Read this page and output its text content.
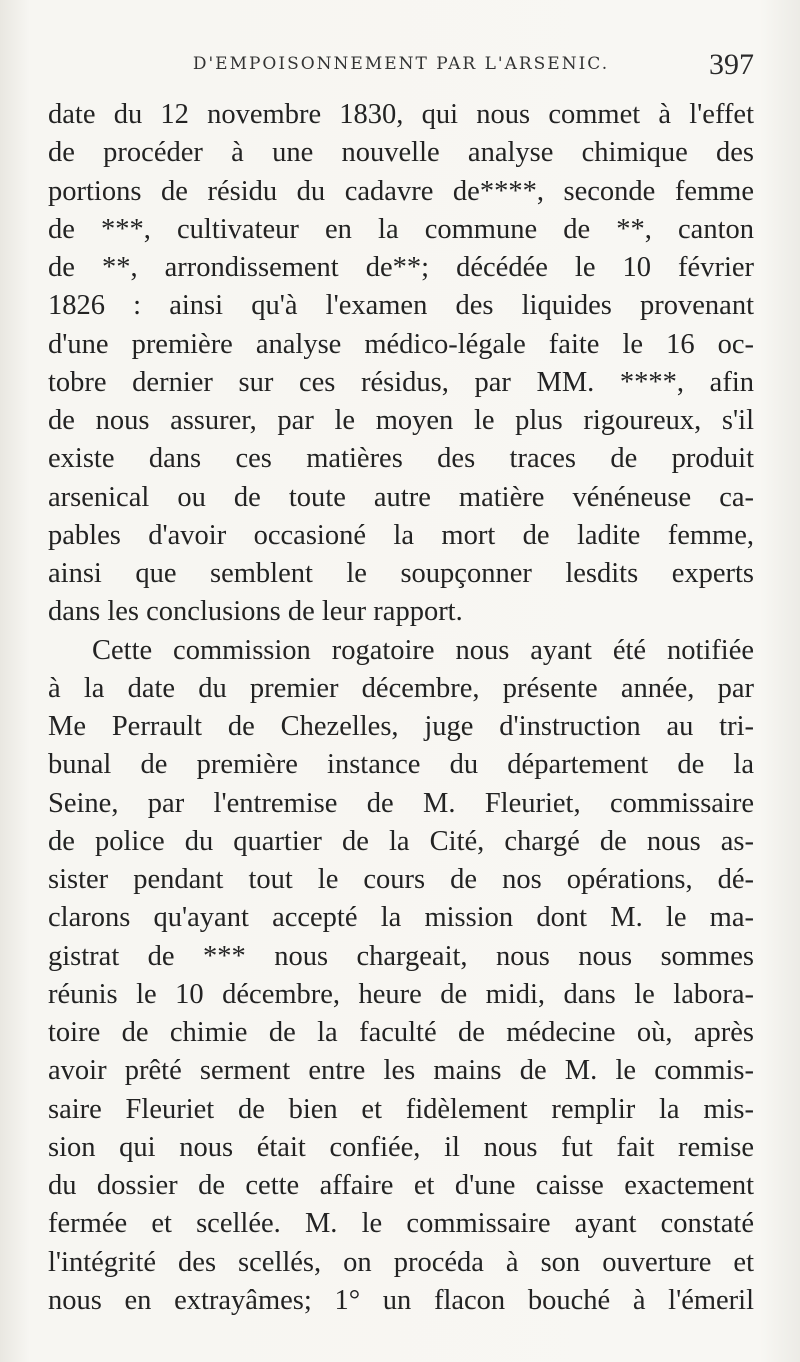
D'EMPOISONNEMENT PAR L'ARSENIC.	397
date du 12 novembre 1830, qui nous commet à l'effet
de procéder à une nouvelle analyse chimique des
portions de résidu du cadavre de****, seconde femme
de ***, cultivateur en la commune de **, canton
de **, arrondissement de**; décédée le 10 février
1826 : ainsi qu'à l'examen des liquides provenant
d'une première analyse médico-légale faite le 16 oc-
tobre dernier sur ces résidus, par MM. ****, afin
de nous assurer, par le moyen le plus rigoureux, s'il
existe dans ces matières des traces de produit
arsenical ou de toute autre matière vénéneuse ca-
pables d'avoir occasioné la mort de ladite femme,
ainsi que semblent le soupçonner lesdits experts
dans les conclusions de leur rapport.
Cette commission rogatoire nous ayant été notifiée
à la date du premier décembre, présente année, par
Me Perrault de Chezelles, juge d'instruction au tri-
bunal de première instance du département de la
Seine, par l'entremise de M. Fleuriet, commissaire
de police du quartier de la Cité, chargé de nous as-
sister pendant tout le cours de nos opérations, dé-
clarons qu'ayant accepté la mission dont M. le ma-
gistrat de *** nous chargeait, nous nous sommes
réunis le 10 décembre, heure de midi, dans le labora-
toire de chimie de la faculté de médecine où, après
avoir prêté serment entre les mains de M. le commis-
saire Fleuriet de bien et fidèlement remplir la mis-
sion qui nous était confiée, il nous fut fait remise
du dossier de cette affaire et d'une caisse exactement
fermée et scellée. M. le commissaire ayant constaté
l'intégrité des scellés, on procéda à son ouverture et
nous en extrayâmes; 1° un flacon bouché à l'émeril
